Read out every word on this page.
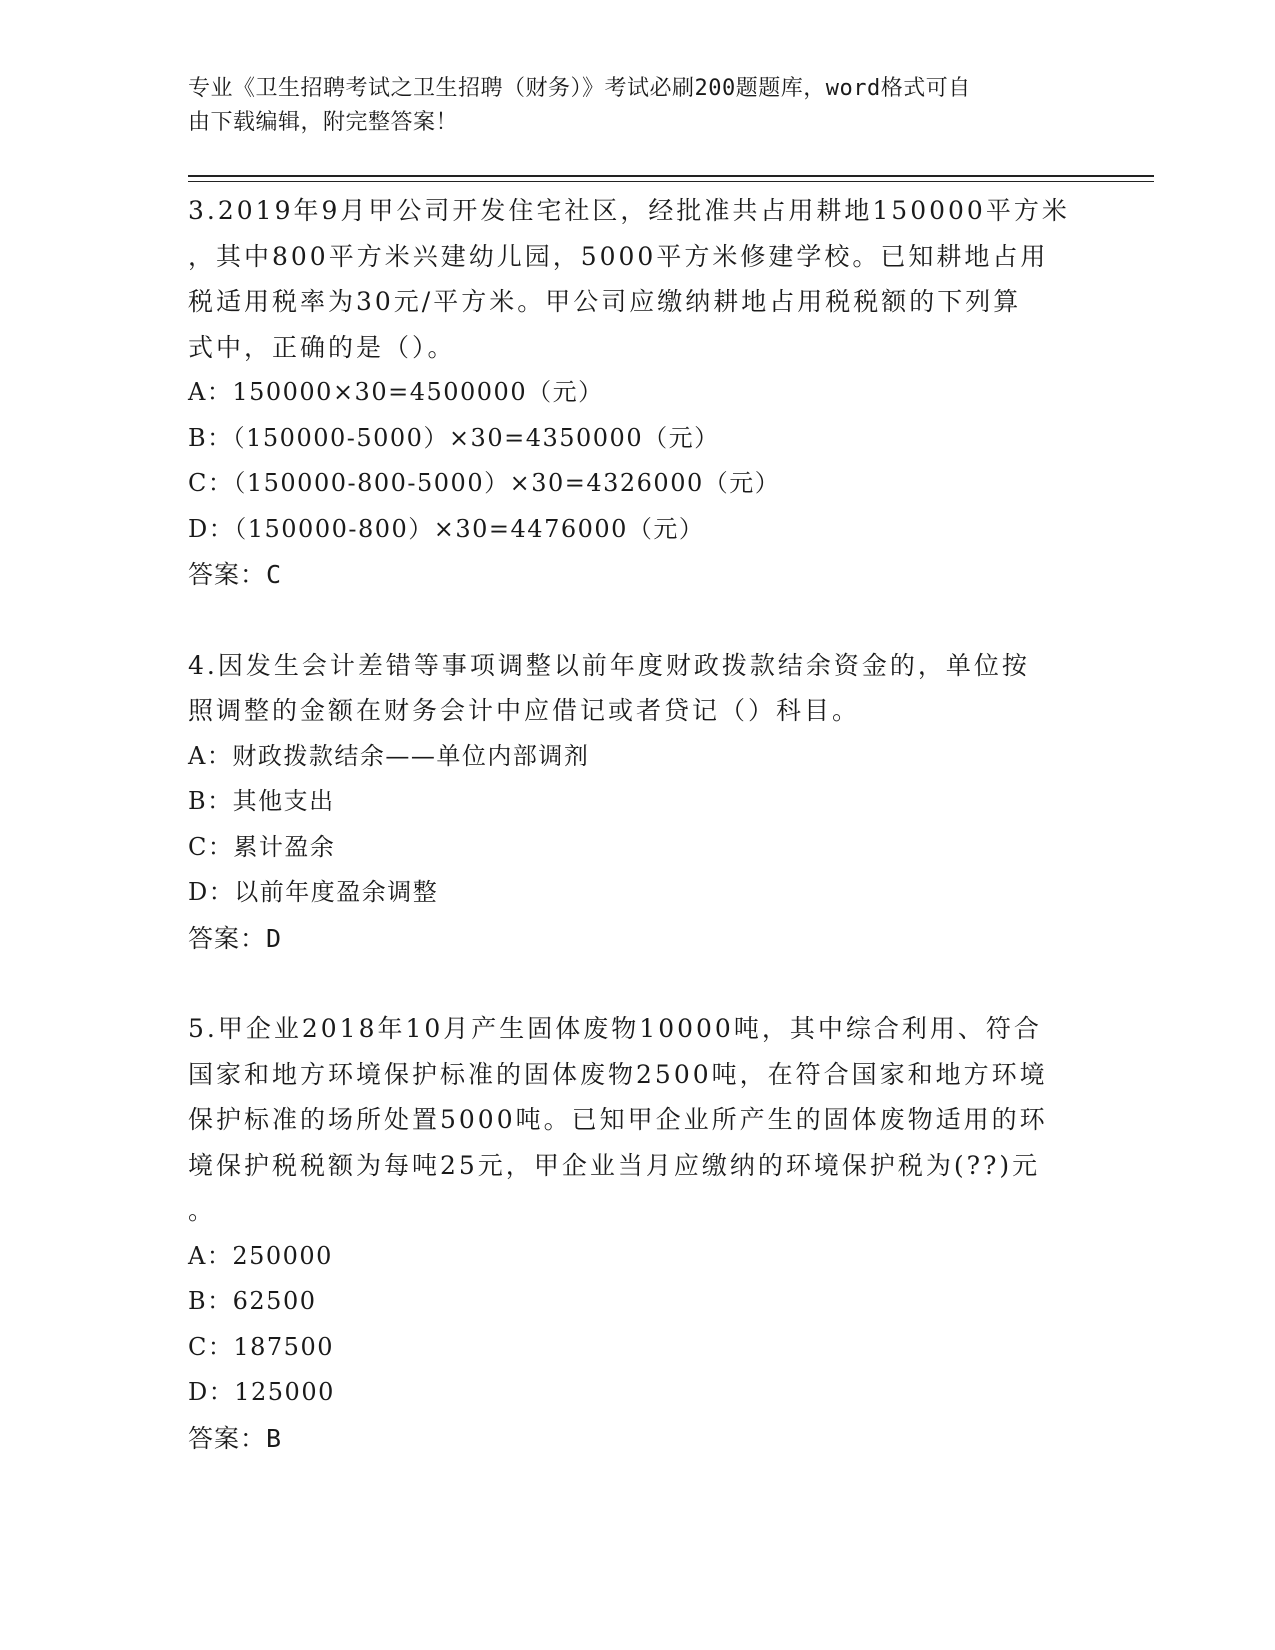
专业《卫生招聘考试之卫生招聘（财务）》考试必刷200题题库，word格式可自
由下载编辑，附完整答案！
3.2019年9月甲公司开发住宅社区，经批准共占用耕地150000平方米
，其中800平方米兴建幼儿园，5000平方米修建学校。已知耕地占用
税适用税率为30元/平方米。甲公司应缴纳耕地占用税税额的下列算
式中，正确的是（）。
A：150000×30=4500000（元）
B：（150000-5000）×30=4350000（元）
C：（150000-800-5000）×30=4326000（元）
D：（150000-800）×30=4476000（元）
答案：C
4.因发生会计差错等事项调整以前年度财政拨款结余资金的，单位按
照调整的金额在财务会计中应借记或者贷记（）科目。
A：财政拨款结余——单位内部调剂
B：其他支出
C：累计盈余
D：以前年度盈余调整
答案：D
5.甲企业2018年10月产生固体废物10000吨，其中综合利用、符合
国家和地方环境保护标准的固体废物2500吨，在符合国家和地方环境
保护标准的场所处置5000吨。已知甲企业所产生的固体废物适用的环
境保护税税额为每吨25元，甲企业当月应缴纳的环境保护税为(??)元
。
A：250000
B：62500
C：187500
D：125000
答案：B
